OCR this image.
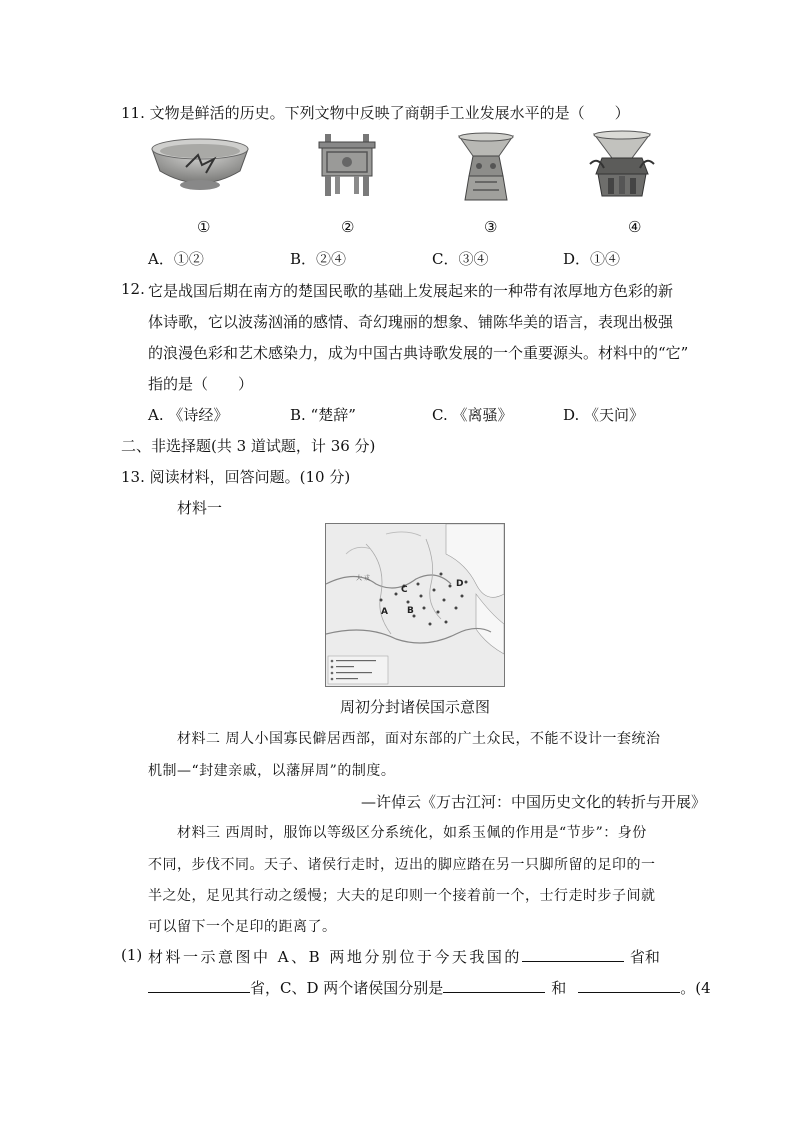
11. 文物是鲜活的历史。下列文物中反映了商朝手工业发展水平的是（　　）
①	②	③	④
A．①②	B．②④	C．③④	D．①④
12. 它是战国后期在南方的楚国民歌的基础上发展起来的一种带有浓厚地方色彩的新
体诗歌，它以波荡汹涌的感情、奇幻瑰丽的想象、铺陈华美的语言，表现出极强
的浪漫色彩和艺术感染力，成为中国古典诗歌发展的一个重要源头。材料中的“它”
指的是（　　）
A. 《诗经》	B. “楚辞”	C. 《离骚》	D. 《天问》
二、非选择题(共 3 道试题，计 36 分)
13. 阅读材料，回答问题。(10 分)
材料一
大 戎
A B
C
D
周初分封诸侯国示意图
材料二 周人小国寡民僻居西部，面对东部的广土众民，不能不设计一套统治
机制—“封建亲戚，以藩屏周”的制度。
—许倬云《万古江河：中国历史文化的转折与开展》
材料三 西周时，服饰以等级区分系统化，如系玉佩的作用是“节步”：身份
不同，步伐不同。天子、诸侯行走时，迈出的脚应踏在另一只脚所留的足印的一
半之处，足见其行动之缓慢；大夫的足印则一个接着前一个，士行走时步子间就
可以留下一个足印的距离了。
(1) 材料一示意图中 A、B 两地分别位于今天我国的	省和
省，C、D 两个诸侯国分别是	和	。(4
